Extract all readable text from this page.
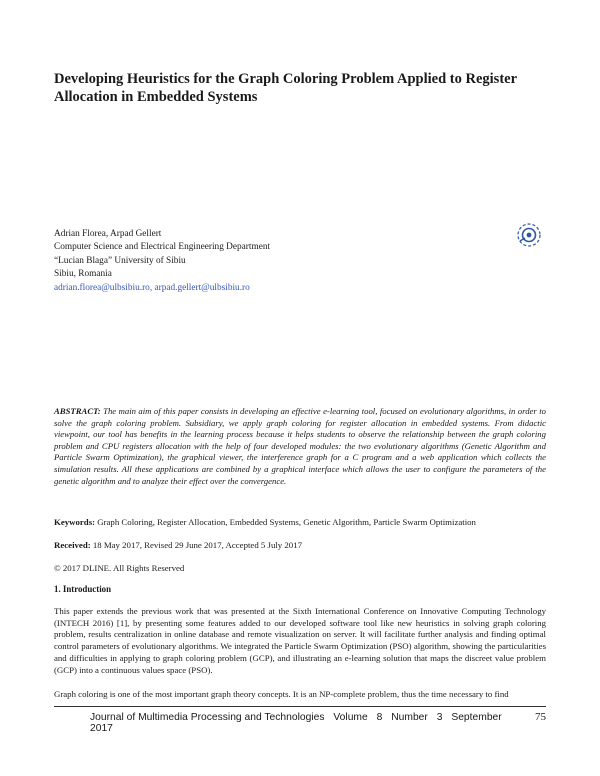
Developing Heuristics for the Graph Coloring Problem Applied to Register Allocation in Embedded Systems
Adrian Florea, Arpad Gellert
Computer Science and Electrical Engineering Department
“Lucian Blaga” University of Sibiu
Sibiu, Romania
adrian.florea@ulbsibiu.ro, arpad.gellert@ulbsibiu.ro

ABSTRACT: The main aim of this paper consists in developing an effective e-learning tool, focused on evolutionary algorithms, in order to solve the graph coloring problem. Subsidiary, we apply graph coloring for register allocation in embedded systems. From didactic viewpoint, our tool has benefits in the learning process because it helps students to observe the relationship between the graph coloring problem and CPU registers allocation with the help of four developed modules: the two evolutionary algorithms (Genetic Algorithm and Particle Swarm Optimization), the graphical viewer, the interference graph for a C program and a web application which collects the simulation results. All these applications are combined by a graphical interface which allows the user to configure the parameters of the genetic algorithm and to analyze their effect over the convergence.

Keywords: Graph Coloring, Register Allocation, Embedded Systems, Genetic Algorithm, Particle Swarm Optimization

Received: 18 May 2017, Revised 29 June 2017, Accepted 5 July 2017

© 2017 DLINE. All Rights Reserved

1. Introduction

This paper extends the previous work that was presented at the Sixth International Conference on Innovative Computing Technology (INTECH 2016) [1], by presenting some features added to our developed software tool like new heuristics in solving graph coloring problem, results centralization in online database and remote visualization on server. It will facilitate further analysis and finding optimal control parameters of evolutionary algorithms. We integrated the Particle Swarm Optimization (PSO) algorithm, showing the particularities and difficulties in applying to graph coloring problem (GCP), and illustrating an e-learning solution that maps the discreet value problem (GCP) into a continuous values space (PSO).

Graph coloring is one of the most important graph theory concepts. It is an NP-complete problem, thus the time necessary to find

Journal of Multimedia Processing and Technologies Volume 8 Number 3 September 2017
75
